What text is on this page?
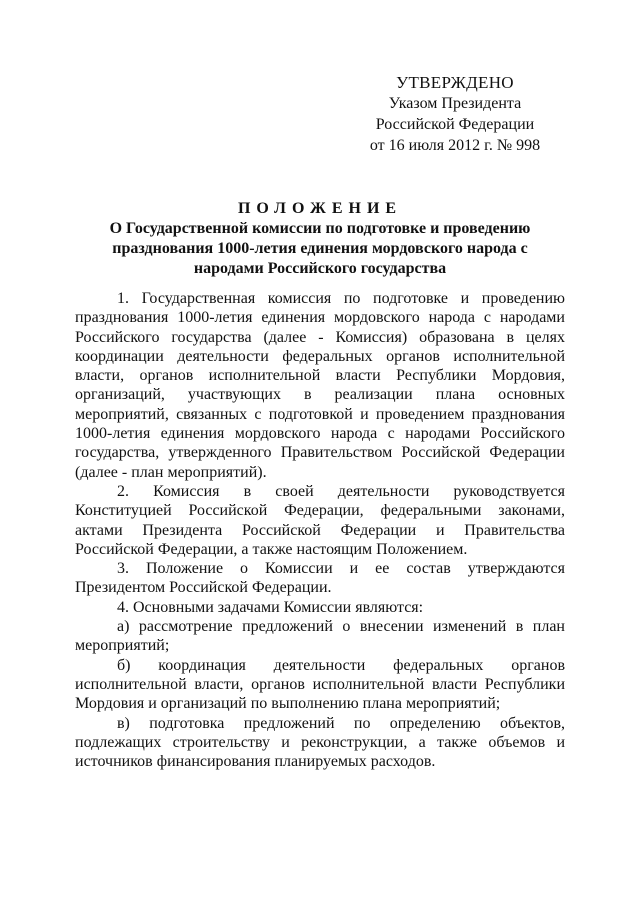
УТВЕРЖДЕНО
Указом Президента
Российской Федерации
от 16 июля 2012 г. № 998
ПОЛОЖЕНИЕ
О Государственной комиссии по подготовке и проведению
празднования 1000-летия единения мордовского народа с
народами Российского государства

1. Государственная комиссия по подготовке и проведению
празднования 1000-летия единения мордовского народа с народами
Российского государства (далее - Комиссия) образована в целях
координации деятельности федеральных органов исполнительной
власти, органов исполнительной власти Республики Мордовия,
организаций, участвующих в реализации плана основных
мероприятий, связанных с подготовкой и проведением празднования
1000-летия единения мордовского народа с народами Российского
государства, утвержденного Правительством Российской Федерации
(далее - план мероприятий).

2. Комиссия в своей деятельности руководствуется
Конституцией Российской Федерации, федеральными законами,
актами Президента Российской Федерации и Правительства
Российской Федерации, а также настоящим Положением.

3. Положение о Комиссии и ее состав утверждаются
Президентом Российской Федерации.

4. Основными задачами Комиссии являются:

а) рассмотрение предложений о внесении изменений в план
мероприятий;

б) координация деятельности федеральных органов
исполнительной власти, органов исполнительной власти Республики
Мордовия и организаций по выполнению плана мероприятий;

в) подготовка предложений по определению объектов,
подлежащих строительству и реконструкции, а также объемов и
источников финансирования планируемых расходов.
